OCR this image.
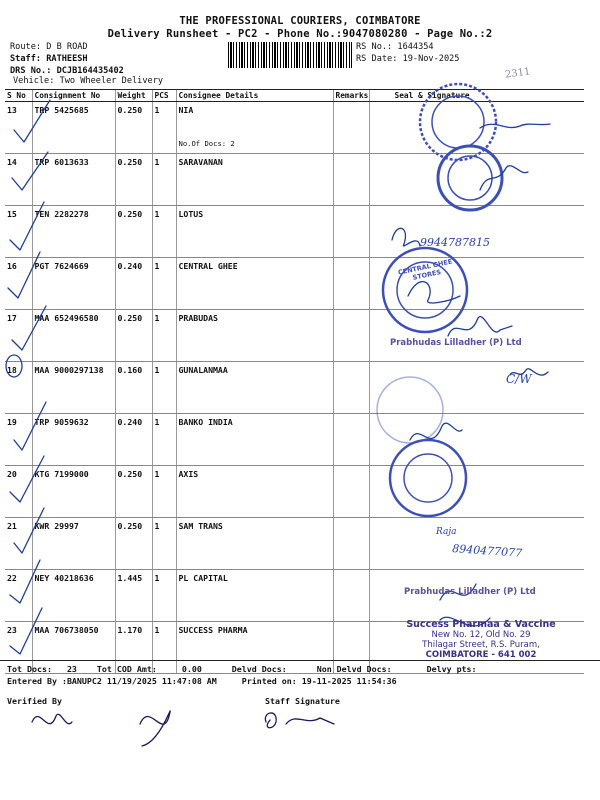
THE PROFESSIONAL COURIERS, COIMBATORE
Delivery Runsheet - PC2 - Phone No.:9047080280 - Page No.:2
Route: D B ROAD
Staff: RATHEESH
DRS No.: DCJB164435402
Vehicle: Two Wheeler Delivery
RS No.: 1644354
RS Date: 19-Nov-2025
2311
S No	Consignment No	Weight	PCS	Consignee Details	Remarks	Seal & Signature
13	TRP 5425685	0.250	1	NIA
No.Of Docs: 2		

14	TRP 6013633	0.250	1	SARAVANAN		
15	TEN 2282278	0.250	1	LOTUS		
16	PGT 7624669	0.240	1	CENTRAL GHEE		
17	MAA 652496580	0.250	1	PRABUDAS		
18	MAA 9000297138	0.160	1	GUNALANMAA		
19	TRP 9059632	0.240	1	BANKO INDIA		
20	KTG 7199000	0.250	1	AXIS		
21	KWR 29997	0.250	1	SAM TRANS		
22	NEY 40218636	1.445	1	PL CAPITAL		
23	MAA 706738050	1.170	1	SUCCESS PHARMA		
9944787815
C/W
Raja
8940477077
Prabhudas Lilladher (P) Ltd
Prabhudas Lilladher (P) Ltd
Success Pharmaa & Vaccine
New No. 12, Old No. 29
Thilagar Street, R.S. Puram,
COIMBATORE - 641 002
CENTRAL GHEE STORES
Tot Docs:   23    Tot COD Amt:     0.00      Delvd Docs:      Non Delvd Docs:       Delvy pts:
Entered By :BANUPC2 11/19/2025 11:47:08 AM     Printed on: 19-11-2025 11:54:36
Verified By	Staff Signature
